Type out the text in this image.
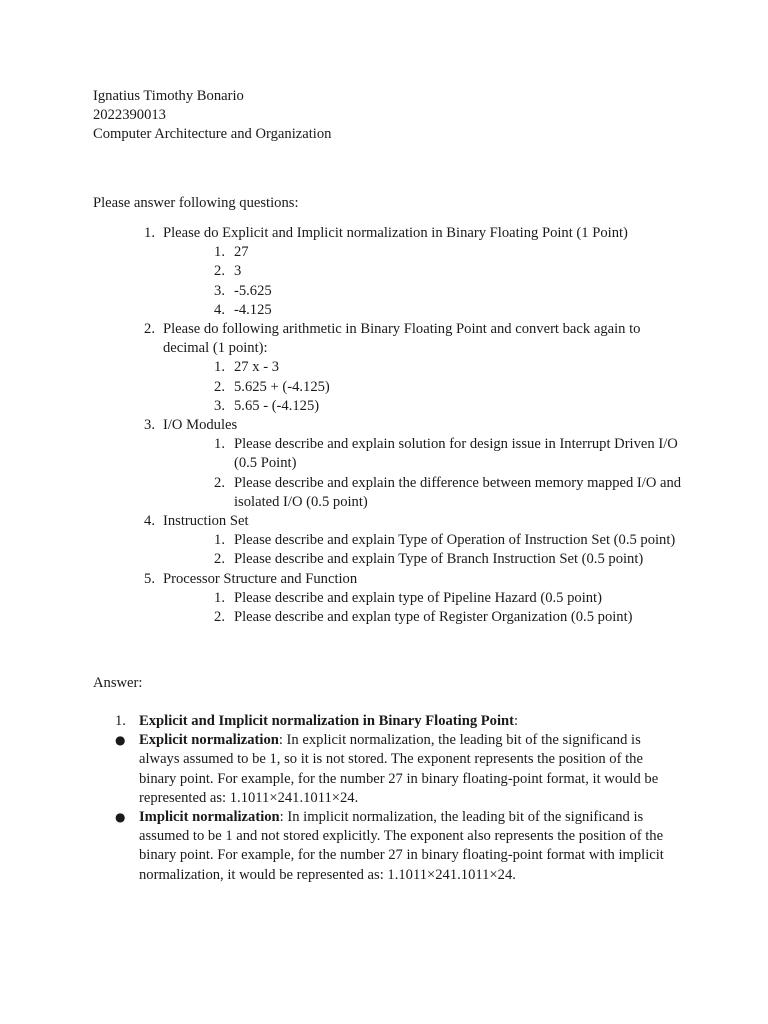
Ignatius Timothy Bonario
2022390013
Computer Architecture and Organization
Please answer following questions:
1. Please do Explicit and Implicit normalization in Binary Floating Point (1 Point)
1. 27
2. 3
3. -5.625
4. -4.125
2. Please do following arithmetic in Binary Floating Point and convert back again to decimal (1 point):
1. 27 x - 3
2. 5.625 + (-4.125)
3. 5.65 - (-4.125)
3. I/O Modules
1. Please describe and explain solution for design issue in Interrupt Driven I/O (0.5 Point)
2. Please describe and explain the difference between memory mapped I/O and isolated I/O (0.5 point)
4. Instruction Set
1. Please describe and explain Type of Operation of Instruction Set (0.5 point)
2. Please describe and explain Type of Branch Instruction Set (0.5 point)
5. Processor Structure and Function
1. Please describe and explain type of Pipeline Hazard (0.5 point)
2. Please describe and explan type of Register Organization (0.5 point)
Answer:
1. Explicit and Implicit normalization in Binary Floating Point:
● Explicit normalization: In explicit normalization, the leading bit of the significand is always assumed to be 1, so it is not stored. The exponent represents the position of the binary point. For example, for the number 27 in binary floating-point format, it would be represented as: 1.1011×241.1011×24.
● Implicit normalization: In implicit normalization, the leading bit of the significand is assumed to be 1 and not stored explicitly. The exponent also represents the position of the binary point. For example, for the number 27 in binary floating-point format with implicit normalization, it would be represented as: 1.1011×241.1011×24.
